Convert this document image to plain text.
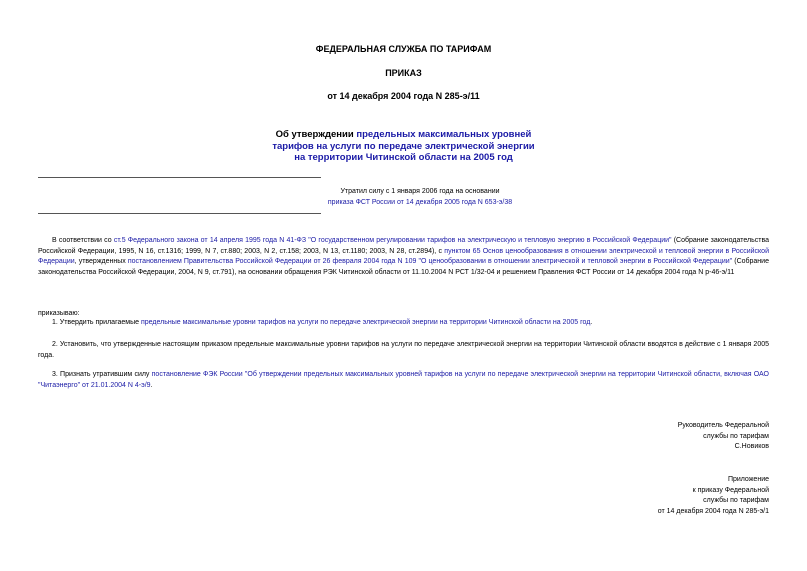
ФЕДЕРАЛЬНАЯ СЛУЖБА ПО ТАРИФАМ
ПРИКАЗ
от 14 декабря 2004 года N 285-э/11
Об утверждении предельных максимальных уровней
тарифов на услуги по передаче электрической энергии
на территории Читинской области на 2005 год
Утратил силу с 1 января 2006 года на основании
приказа ФСТ России от 14 декабря 2005 года N 653-э/38
В соответствии со ст.5 Федерального закона от 14 апреля 1995 года N 41-ФЗ "О государственном регулировании тарифов на электрическую и тепловую энергию в Российской Федерации" (Собрание законодательства Российской Федерации, 1995, N 16, ст.1316; 1999, N 7, ст.880; 2003, N 2, ст.158; 2003, N 13, ст.1180; 2003, N 28, ст.2894), с пунктом 65 Основ ценообразования в отношении электрической и тепловой энергии в Российской Федерации, утвержденных постановлением Правительства Российской Федерации от 26 февраля 2004 года N 109 "О ценообразовании в отношении электрической и тепловой энергии в Российской Федерации" (Собрание законодательства Российской Федерации, 2004, N 9, ст.791), на основании обращения РЭК Читинской области от 11.10.2004 N РСТ 1/32-04 и решением Правления ФСТ России от 14 декабря 2004 года N р-46-э/11
приказываю:
1. Утвердить прилагаемые предельные максимальные уровни тарифов на услуги по передаче электрической энергии на территории Читинской области на 2005 год.
2. Установить, что утвержденные настоящим приказом предельные максимальные уровни тарифов на услуги по передаче электрической энергии на территории Читинской области вводятся в действие с 1 января 2005 года.
3. Признать утратившим силу постановление ФЭК России "Об утверждении предельных максимальных уровней тарифов на услуги по передаче электрической энергии на территории Читинской области, включая ОАО "Читаэнерго" от 21.01.2004 N 4-э/9.
Руководитель Федеральной
службы по тарифам
С.Новиков
Приложение
к приказу Федеральной
службы по тарифам
от 14 декабря 2004 года N 285-э/1
